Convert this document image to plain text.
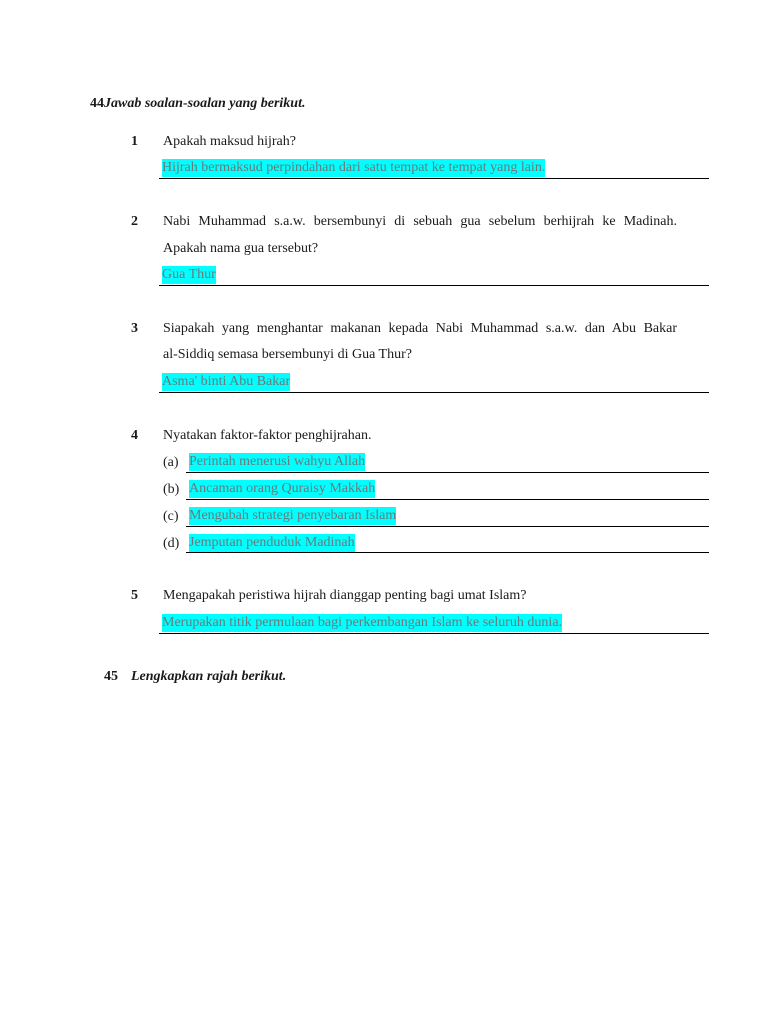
44Jawab soalan-soalan yang berikut.
1 Apakah maksud hijrah?
Hijrah bermaksud perpindahan dari satu tempat ke tempat yang lain.
2 Nabi Muhammad s.a.w. bersembunyi di sebuah gua sebelum berhijrah ke Madinah.
Apakah nama gua tersebut?
Gua Thur
3 Siapakah yang menghantar makanan kepada Nabi Muhammad s.a.w. dan Abu Bakar
al-Siddiq semasa bersembunyi di Gua Thur?
Asma' binti Abu Bakar
4 Nyatakan faktor-faktor penghijrahan.
(a) Perintah menerusi wahyu Allah
(b) Ancaman orang Quraisy Makkah
(c) Mengubah strategi penyebaran Islam
(d) Jemputan penduduk Madinah
5 Mengapakah peristiwa hijrah dianggap penting bagi umat Islam?
Merupakan titik permulaan bagi perkembangan Islam ke seluruh dunia.
45 Lengkapkan rajah berikut.
